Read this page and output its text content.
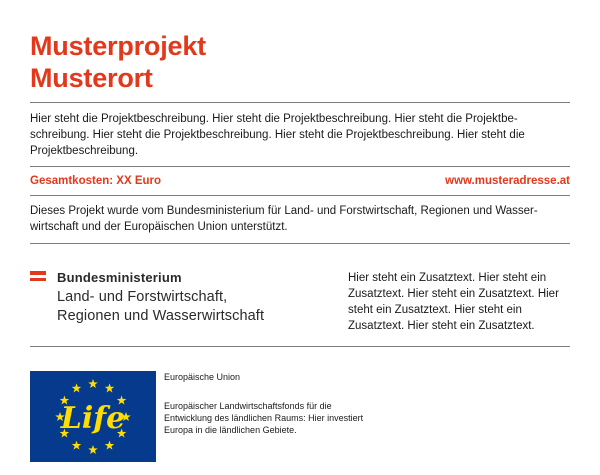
Musterprojekt
Musterort
Hier steht die Projektbeschreibung. Hier steht die Projektbeschreibung. Hier steht die Projektbe-schreibung. Hier steht die Projektbeschreibung. Hier steht die Projektbeschreibung. Hier steht die Projektbeschreibung.
Gesamtkosten: XX Euro	www.musteradresse.at
Dieses Projekt wurde vom Bundesministerium für Land- und Forstwirtschaft, Regionen und Wasser-wirtschaft und der Europäischen Union unterstützt.
Bundesministerium
Land- und Forstwirtschaft,
Regionen und Wasserwirtschaft
Hier steht ein Zusatztext. Hier steht ein Zusatztext. Hier steht ein Zusatztext. Hier steht ein Zusatztext. Hier steht ein Zusatztext. Hier steht ein Zusatztext.
Life
Europäische Union
Europäischer Landwirtschaftsfonds für die Entwicklung des ländlichen Raums: Hier investiert Europa in die ländlichen Gebiete.
